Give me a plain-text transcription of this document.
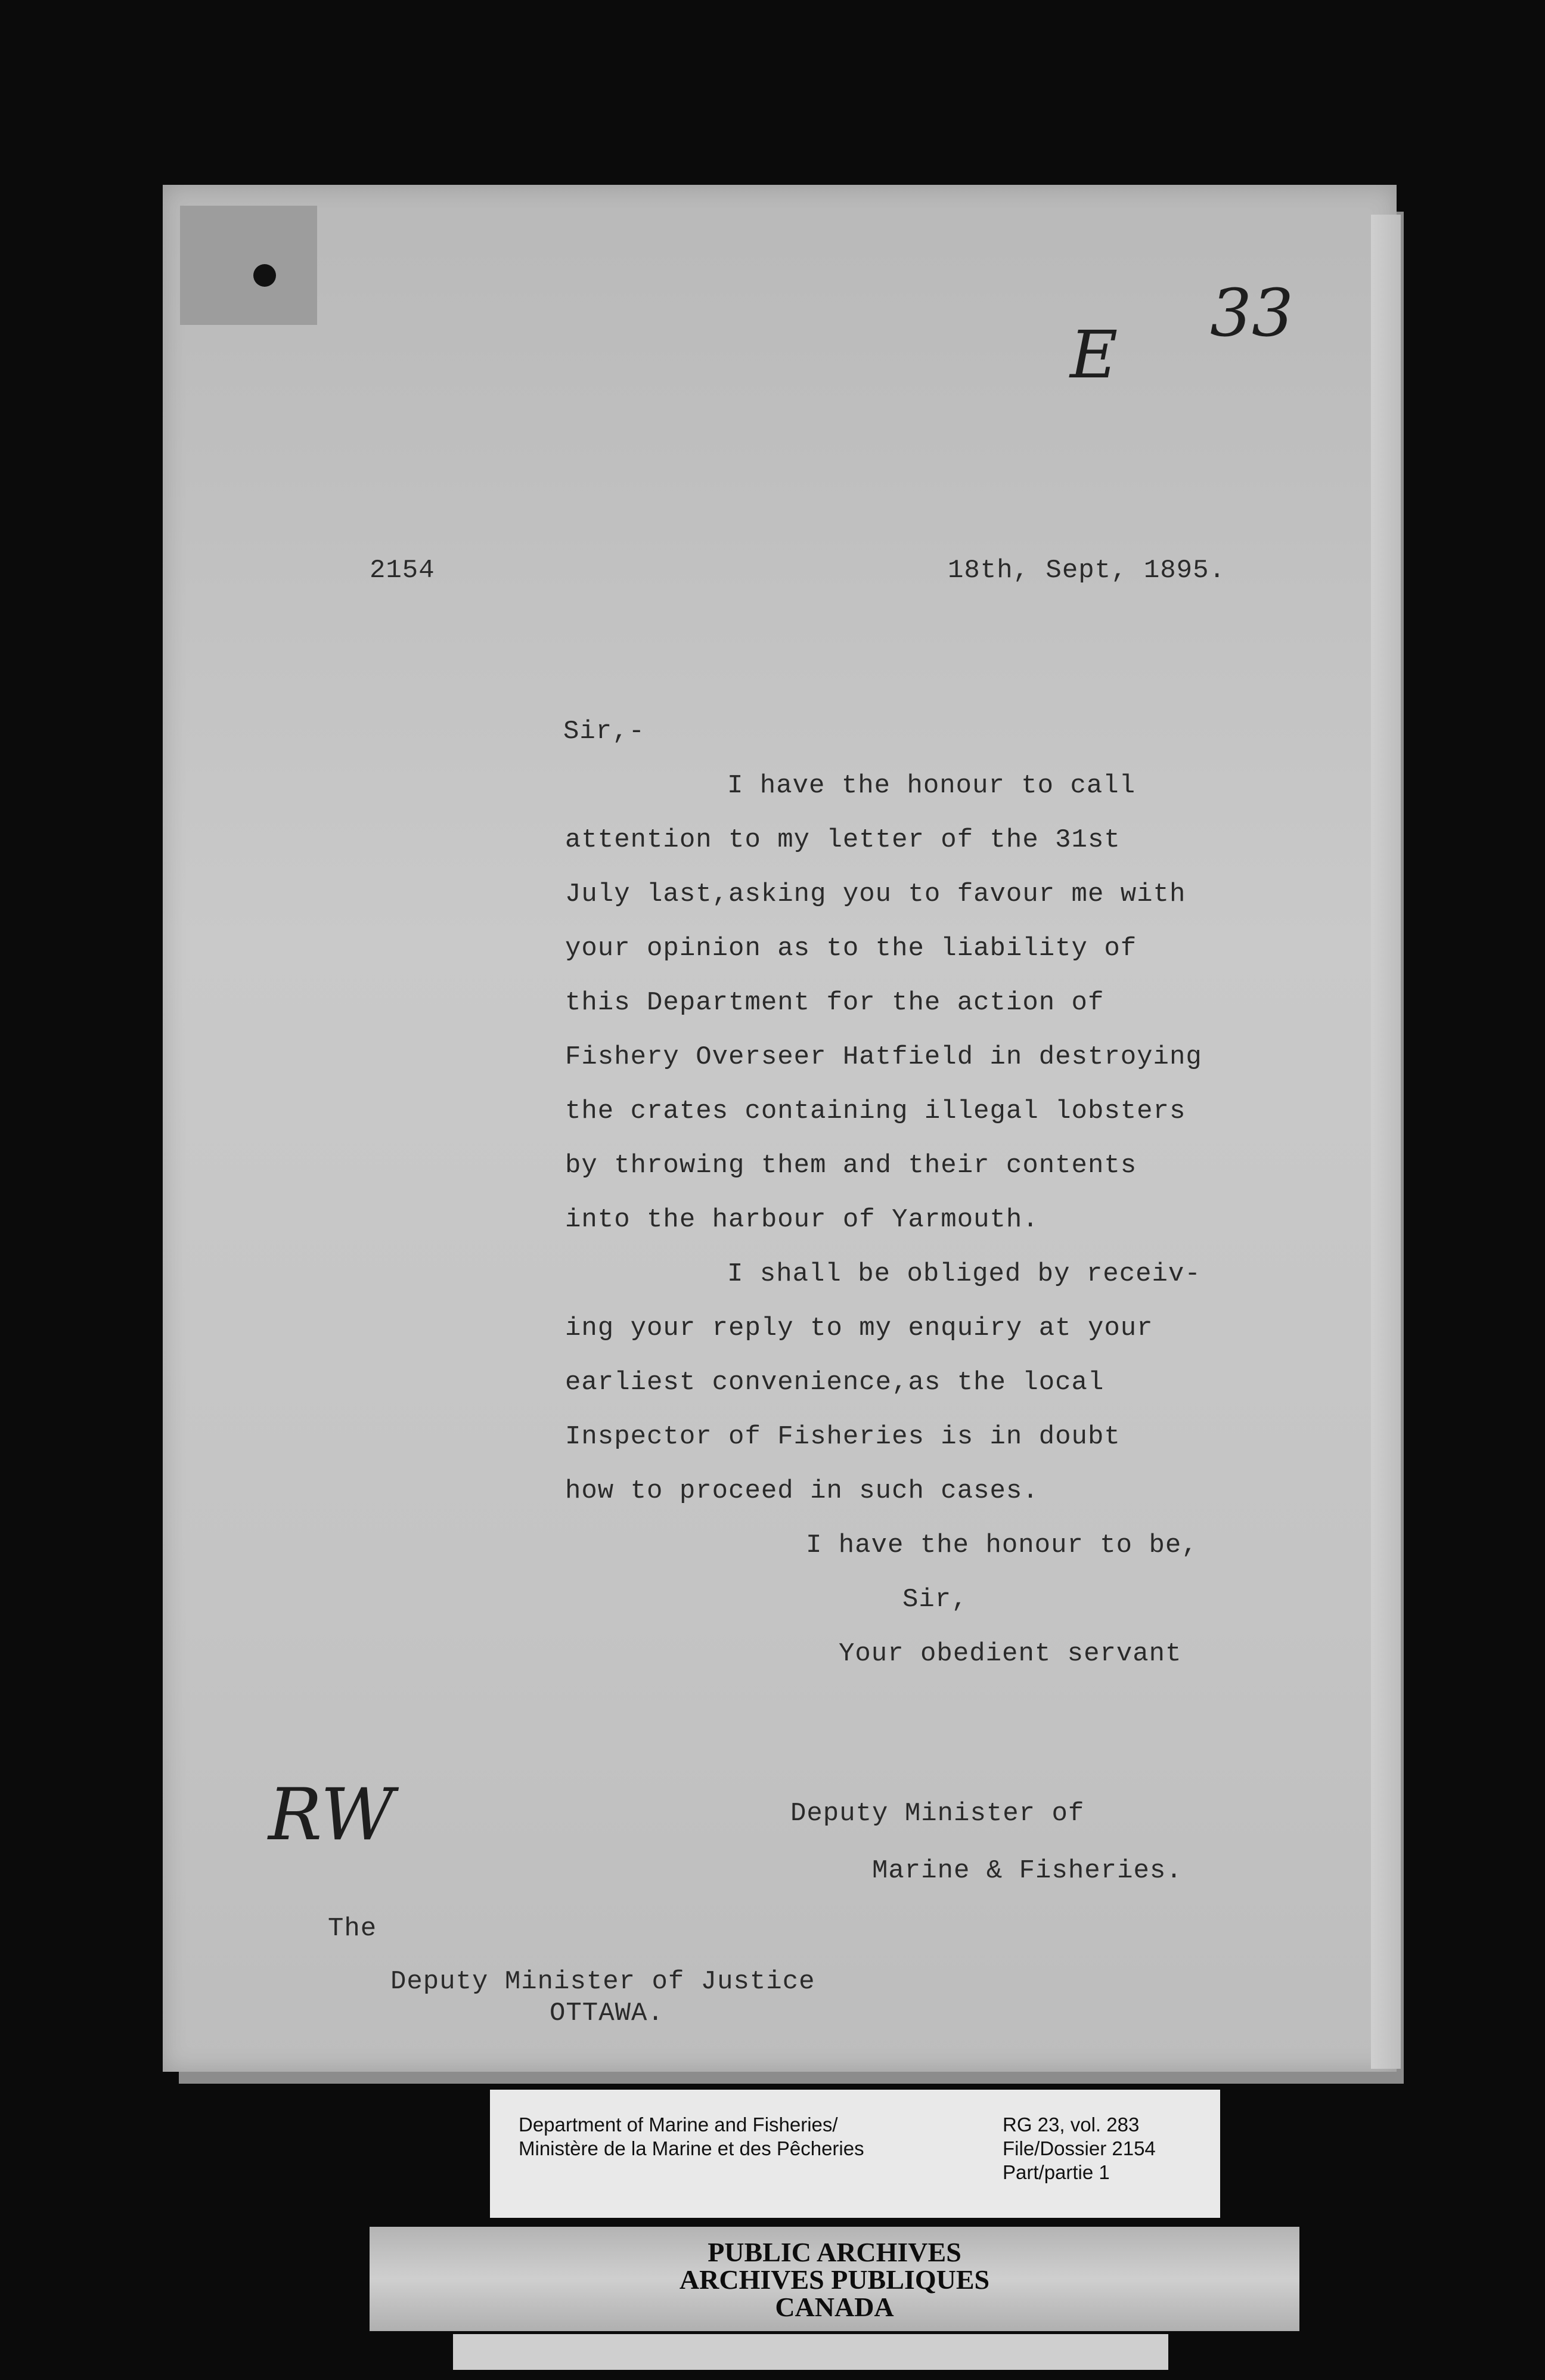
E
33
2154	18th, Sept, 1895.
Sir,-
I have the honour to call
attention to my letter of the 31st
July last,asking you to favour me with
your opinion as to the liability of
this Department for the action of
Fishery Overseer Hatfield in destroying
the crates containing illegal lobsters
by throwing them and their contents
into the harbour of Yarmouth.
I shall be obliged by receiv-
ing your reply to my enquiry at your
earliest convenience,as the local
Inspector of Fisheries is in doubt
how to proceed in such cases.
I have the honour to be,
Sir,
Your obedient servant
RW	Deputy Minister of
Marine & Fisheries.
The
Deputy Minister of Justice
OTTAWA.
Department of Marine and Fisheries/
Ministère de la Marine et des Pêcheries
RG 23, vol. 283
File/Dossier 2154
Part/partie 1
PUBLIC ARCHIVES
ARCHIVES PUBLIQUES
CANADA
